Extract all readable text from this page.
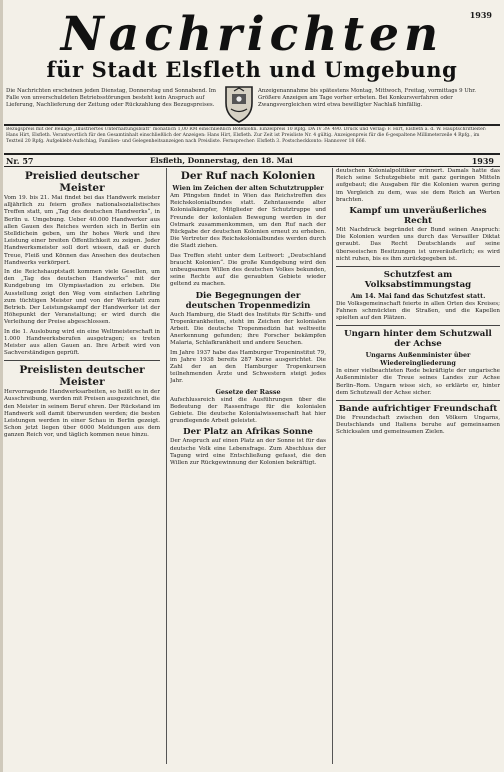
Nachrichten	1939
für Stadt Elsfleth und Umgebung
Die Nachrichten erscheinen jeden Dienstag, Donnerstag und Sonnabend. Im Falle von unverschuldeten Betriebsstörungen besteht kein Anspruch auf Lieferung, Nachlieferung der Zeitung oder Rückzahlung des Bezugspreises.
Anzeigenannahme bis spätestens Montag, Mittwoch, Freitag, vormittags 9 Uhr. Größere Anzeigen am Tage vorher erbeten. Bei Konkursverfahren oder Zwangsvergleichen wird etwa bewilligter Nachlaß hinfällig.
Bezugspreis mit der Beilage „Illustriertes Unterhaltungsblatt“ monatlich 1,00 RM einschließlich Botenlohn. Einzelpreis 10 Rpfg. DA IV 39: 490. Druck und Verlag: F. Hirt, Elsfleth a. d. W. Hauptschriftleiter: Hans Hirt, Elsfleth. Verantwortlich für den Gesamtinhalt einschließlich der Anzeigen: Hans Hirt, Elsfleth. Zur Zeit ist Preisliste Nr. 4 gültig. Anzeigenpreis für die 6-gespaltene Millimeterzeile 4 Rpfg., im Textteil 20 Rpfg. Aufgeklebt-Aufschlag, Familien- und Gelegenheitsanzeigen nach Preisliste. Fernsprecher: Elsfleth 3. Postscheckkonto: Hannover 18 666.
Nr. 57	Elsfleth, Donnerstag, den 18. Mai	1939
Preislied deutscher Meister

Vom 19. bis 21. Mai findet bei das Handwerk meister alljährlich zu feiern großes nationalsozialistisches Treffen statt, um „Tag des deutschen Handwerks“, in Berlin u. Umgebung. Ueber 40.000 Handwerker aus allen Gauen des Reiches werden sich in Berlin ein Stelldichein geben, um ihr hohes Werk und ihre Leistung einer breiten Öffentlichkeit zu zeigen. Jeder Handwerksmeister soll dort wissen, daß er durch Treue, Fleiß und Können das Ansehen des deutschen Handwerks verkörpert.

In die Reichshauptstadt kommen viele Gesellen, um den „Tag des deutschen Handwerks“ mit der Kundgebung im Olympiastadion zu erleben. Die Ausstellung zeigt den Weg vom einfachen Lehrling zum tüchtigen Meister und von der Werkstatt zum Betrieb. Der Leistungskampf der Handwerker ist der Höhepunkt der Veranstaltung; er wird durch die Verleihung der Preise abgeschlossen.

In die 1. Auslobung wird ein eine Weltmeisterschaft in 1.000 Handwerksberufen ausgetragen; es treten Meister aus allen Gauen an. Ihre Arbeit wird von Sachverständigen geprüft.

Preislisten deutscher Meister

Hervorragende Handwerksarbeiten, so heißt es in der Ausschreibung, werden mit Preisen ausgezeichnet, die den Meister in seinem Beruf ehren. Der Rückstand im Handwerk soll damit überwunden werden; die besten Leistungen werden in einer Schau in Berlin gezeigt. Schon jetzt liegen über 6000 Meldungen aus dem ganzen Reich vor, und täglich kommen neue hinzu.

Der Ruf nach Kolonien
Wien im Zeichen der alten Schutztruppler

Am Pfingsten findet in Wien das Reichstreffen des Reichskolonialbundes statt. Zehntausende alter Kolonialkämpfer, Mitglieder der Schutztruppe und Freunde der kolonialen Bewegung werden in der Ostmark zusammenkommen, um den Ruf nach der Rückgabe der deutschen Kolonien erneut zu erheben. Die Vertreter des Reichskolonialbundes werden durch die Stadt ziehen.

Das Treffen steht unter dem Leitwort: „Deutschland braucht Kolonien“. Die große Kundgebung wird den unbeugsamen Willen des deutschen Volkes bekunden, seine Rechte auf die geraubten Gebiete wieder geltend zu machen.

Die Begegnungen der deutschen Tropenmedizin

Auch Hamburg, die Stadt des Instituts für Schiffs- und Tropenkrankheiten, steht im Zeichen der kolonialen Arbeit. Die deutsche Tropenmedizin hat weltweite Anerkennung gefunden; ihre Forscher bekämpfen Malaria, Schlafkrankheit und andere Seuchen.

Im Jahre 1937 habe das Hamburger Tropeninstitut 79, im Jahre 1938 bereits 287 Kurse ausgerichtet. Die Zahl der an den Hamburger Tropenkursen teilnehmenden Ärzte und Schwestern steigt jedes Jahr.

Gesetze der Rasse

Aufschlussreich sind die Ausführungen über die Bedeutung der Rassenfrage für die kolonialen Gebiete. Die deutsche Kolonialwissenschaft hat hier grundlegende Arbeit geleistet.

Der Platz an Afrikas Sonne

Der Anspruch auf einen Platz an der Sonne ist für das deutsche Volk eine Lebensfrage. Zum Abschluss der Tagung wird eine Entschließung gefasst, die den Willen zur Rückgewinnung der Kolonien bekräftigt.

deutschen Kolonialpolitiker erinnert. Damals hatte das Reich seine Schutzgebiete mit ganz geringen Mitteln aufgebaut; die Ausgaben für die Kolonien waren gering im Vergleich zu dem, was sie dem Reich an Werten brachten.

Kampf um unveräußerliches Recht

Mit Nachdruck begründet der Bund seinen Anspruch: Die Kolonien wurden uns durch das Versailler Diktat geraubt. Das Recht Deutschlands auf seine überseeischen Besitzungen ist unveräußerlich; es wird nicht ruhen, bis es ihm zurückgegeben ist.

Schutzfest am Volksabstimmungstag
Am 14. Mai fand das Schutzfest statt.

Die Volksgemeinschaft feierte in allen Orten des Kreises; Fahnen schmückten die Straßen, und die Kapellen spielten auf den Plätzen.

Ungarn hinter dem Schutzwall der Achse
Ungarns Außenminister über Wiedereingliederung

In einer vielbeachteten Rede bekräftigte der ungarische Außenminister die Treue seines Landes zur Achse Berlin–Rom. Ungarn wisse sich, so erklärte er, hinter dem Schutzwall der Achse sicher.

Bande aufrichtiger Freundschaft

Die Freundschaft zwischen den Völkern Ungarns, Deutschlands und Italiens beruhe auf gemeinsamen Schicksalen und gemeinsamen Zielen.
